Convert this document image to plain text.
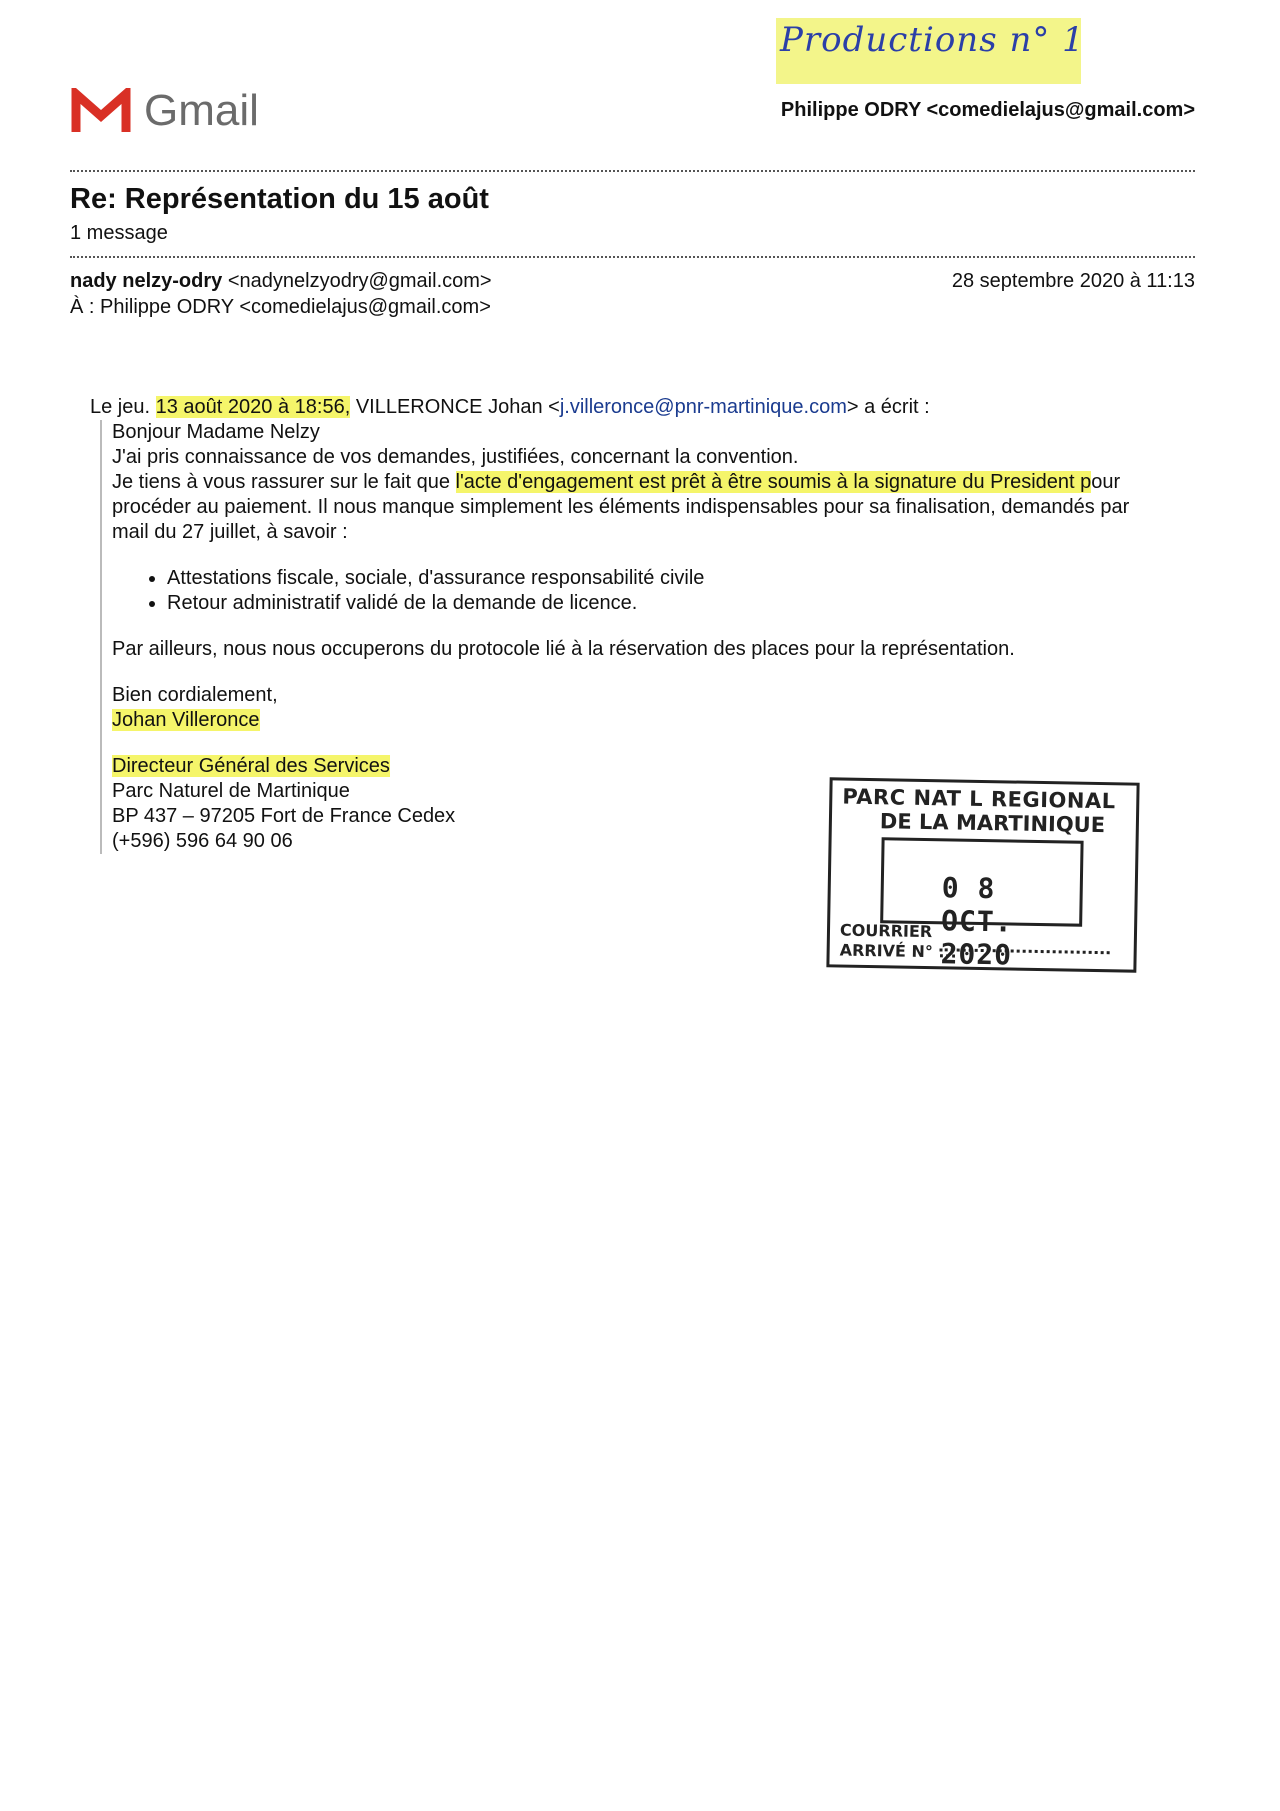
Productions n° 1
Gmail	Philippe ODRY <comedielajus@gmail.com>
Re: Représentation du 15 août
1 message
nady nelzy-odry <nadynelzyodry@gmail.com>
À : Philippe ODRY <comedielajus@gmail.com>
28 septembre 2020 à 11:13
Le jeu. 13 août 2020 à 18:56, VILLERONCE Johan <j.villeronce@pnr-martinique.com> a écrit :

Bonjour Madame Nelzy

J'ai pris connaissance de vos demandes, justifiées, concernant la convention.

Je tiens à vous rassurer sur le fait que l'acte d'engagement est prêt à être soumis à la signature du President pour

procéder au paiement. Il nous manque simplement les éléments indispensables pour sa finalisation, demandés par

mail du 27 juillet, à savoir :

• Attestations fiscale, sociale, d'assurance responsabilité civile
• Retour administratif validé de la demande de licence.

Par ailleurs, nous nous occuperons du protocole lié à la réservation des places pour la représentation.

Bien cordialement,

Johan Villeronce

Directeur Général des Services

Parc Naturel de Martinique

BP 437 – 97205 Fort de France Cedex

(+596) 596 64 90 06

PARC NAT L REGIONAL
DE LA MARTINIQUE
0 8 OCT. 2020
COURRIER
ARRIVÉ N° ...
